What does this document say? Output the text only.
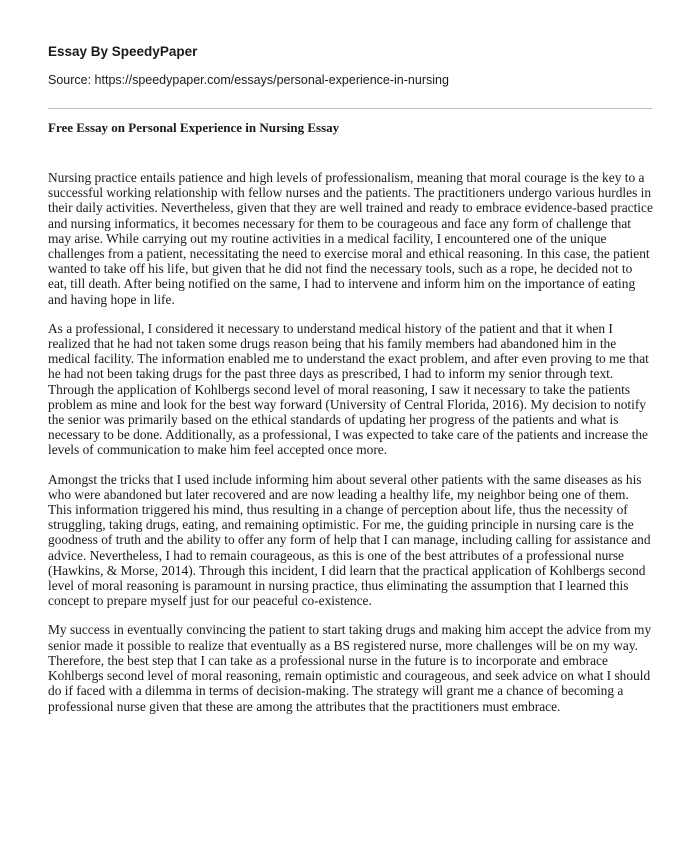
Essay By SpeedyPaper

Source: https://speedypaper.com/essays/personal-experience-in-nursing

Free Essay on Personal Experience in Nursing Essay

Nursing practice entails patience and high levels of professionalism, meaning that moral courage is the key to a successful working relationship with fellow nurses and the patients. The practitioners undergo various hurdles in their daily activities. Nevertheless, given that they are well trained and ready to embrace evidence-based practice and nursing informatics, it becomes necessary for them to be courageous and face any form of challenge that may arise. While carrying out my routine activities in a medical facility, I encountered one of the unique challenges from a patient, necessitating the need to exercise moral and ethical reasoning. In this case, the patient wanted to take off his life, but given that he did not find the necessary tools, such as a rope, he decided not to eat, till death. After being notified on the same, I had to intervene and inform him on the importance of eating and having hope in life.

As a professional, I considered it necessary to understand medical history of the patient and that it when I realized that he had not taken some drugs reason being that his family members had abandoned him in the medical facility. The information enabled me to understand the exact problem, and after even proving to me that he had not been taking drugs for the past three days as prescribed, I had to inform my senior through text. Through the application of Kohlbergs second level of moral reasoning, I saw it necessary to take the patients problem as mine and look for the best way forward (University of Central Florida, 2016). My decision to notify the senior was primarily based on the ethical standards of updating her progress of the patients and what is necessary to be done. Additionally, as a professional, I was expected to take care of the patients and increase the levels of communication to make him feel accepted once more.

Amongst the tricks that I used include informing him about several other patients with the same diseases as his who were abandoned but later recovered and are now leading a healthy life, my neighbor being one of them. This information triggered his mind, thus resulting in a change of perception about life, thus the necessity of struggling, taking drugs, eating, and remaining optimistic. For me, the guiding principle in nursing care is the goodness of truth and the ability to offer any form of help that I can manage, including calling for assistance and advice. Nevertheless, I had to remain courageous, as this is one of the best attributes of a professional nurse (Hawkins, & Morse, 2014). Through this incident, I did learn that the practical application of Kohlbergs second level of moral reasoning is paramount in nursing practice, thus eliminating the assumption that I learned this concept to prepare myself just for our peaceful co-existence.

My success in eventually convincing the patient to start taking drugs and making him accept the advice from my senior made it possible to realize that eventually as a BS registered nurse, more challenges will be on my way. Therefore, the best step that I can take as a professional nurse in the future is to incorporate and embrace Kohlbergs second level of moral reasoning, remain optimistic and courageous, and seek advice on what I should do if faced with a dilemma in terms of decision-making. The strategy will grant me a chance of becoming a professional nurse given that these are among the attributes that the practitioners must embrace.
